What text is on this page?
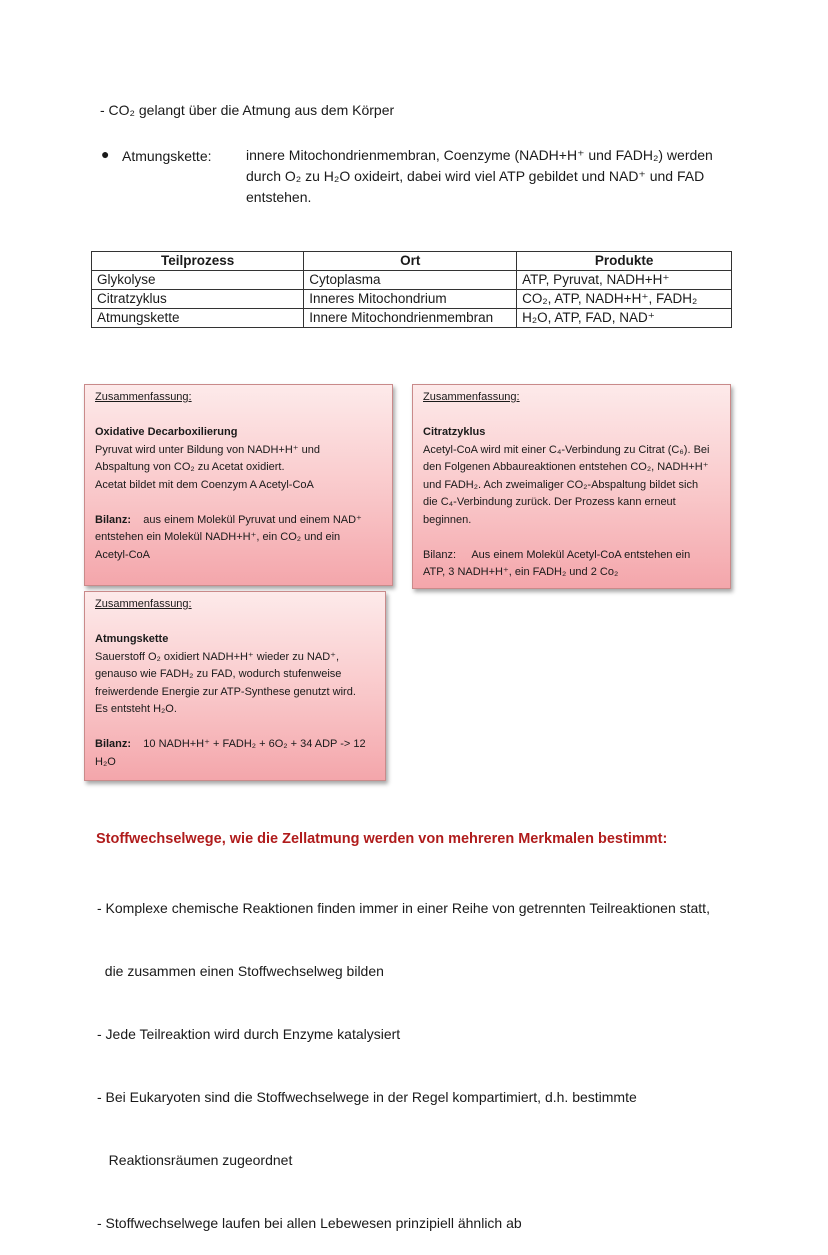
- CO₂ gelangt über die Atmung aus dem Körper
● Atmungskette: innere Mitochondrienmembran, Coenzyme (NADH+H⁺ und FADH₂) werden
durch O₂ zu H₂O oxideirt, dabei wird viel ATP gebildet und NAD⁺ und FAD
entstehen.
Teilprozess	Ort	Produkte
Glykolyse	Cytoplasma	ATP, Pyruvat, NADH+H⁺
Citratzyklus	Inneres Mitochondrium	CO₂, ATP, NADH+H⁺, FADH₂
Atmungskette	Innere Mitochondrienmembran	H₂O, ATP, FAD, NAD⁺
Zusammenfassung:
Oxidative Decarboxilierung
Pyruvat wird unter Bildung von NADH+H⁺ und
Abspaltung von CO₂ zu Acetat oxidiert.
Acetat bildet mit dem Coenzym A Acetyl-CoA
Bilanz: aus einem Molekül Pyruvat und einem NAD⁺
entstehen ein Molekül NADH+H⁺, ein CO₂ und ein
Acetyl-CoA
Zusammenfassung:
Citratzyklus
Acetyl-CoA wird mit einer C₄-Verbindung zu Citrat (C₆). Bei
den Folgenen Abbaureaktionen entstehen CO₂, NADH+H⁺
und FADH₂. Ach zweimaliger CO₂-Abspaltung bildet sich
die C₄-Verbindung zurück. Der Prozess kann erneut
beginnen.
Bilanz: Aus einem Molekül Acetyl-CoA entstehen ein
ATP, 3 NADH+H⁺, ein FADH₂ und 2 Co₂
Zusammenfassung:
Atmungskette
Sauerstoff O₂ oxidiert NADH+H⁺ wieder zu NAD⁺,
genauso wie FADH₂ zu FAD, wodurch stufenweise
freiwerdende Energie zur ATP-Synthese genutzt wird.
Es entsteht H₂O.
Bilanz: 10 NADH+H⁺ + FADH₂ + 6O₂ + 34 ADP -> 12
H₂O
Stoffwechselwege, wie die Zellatmung werden von mehreren Merkmalen bestimmt:

- Komplexe chemische Reaktionen finden immer in einer Reihe von getrennten Teilreaktionen statt,

die zusammen einen Stoffwechselweg bilden

- Jede Teilreaktion wird durch Enzyme katalysiert

- Bei Eukaryoten sind die Stoffwechselwege in der Regel kompartimiert, d.h. bestimmte

Reaktionsräumen zugeordnet

- Stoffwechselwege laufen bei allen Lebewesen prinzipiell ähnlich ab
